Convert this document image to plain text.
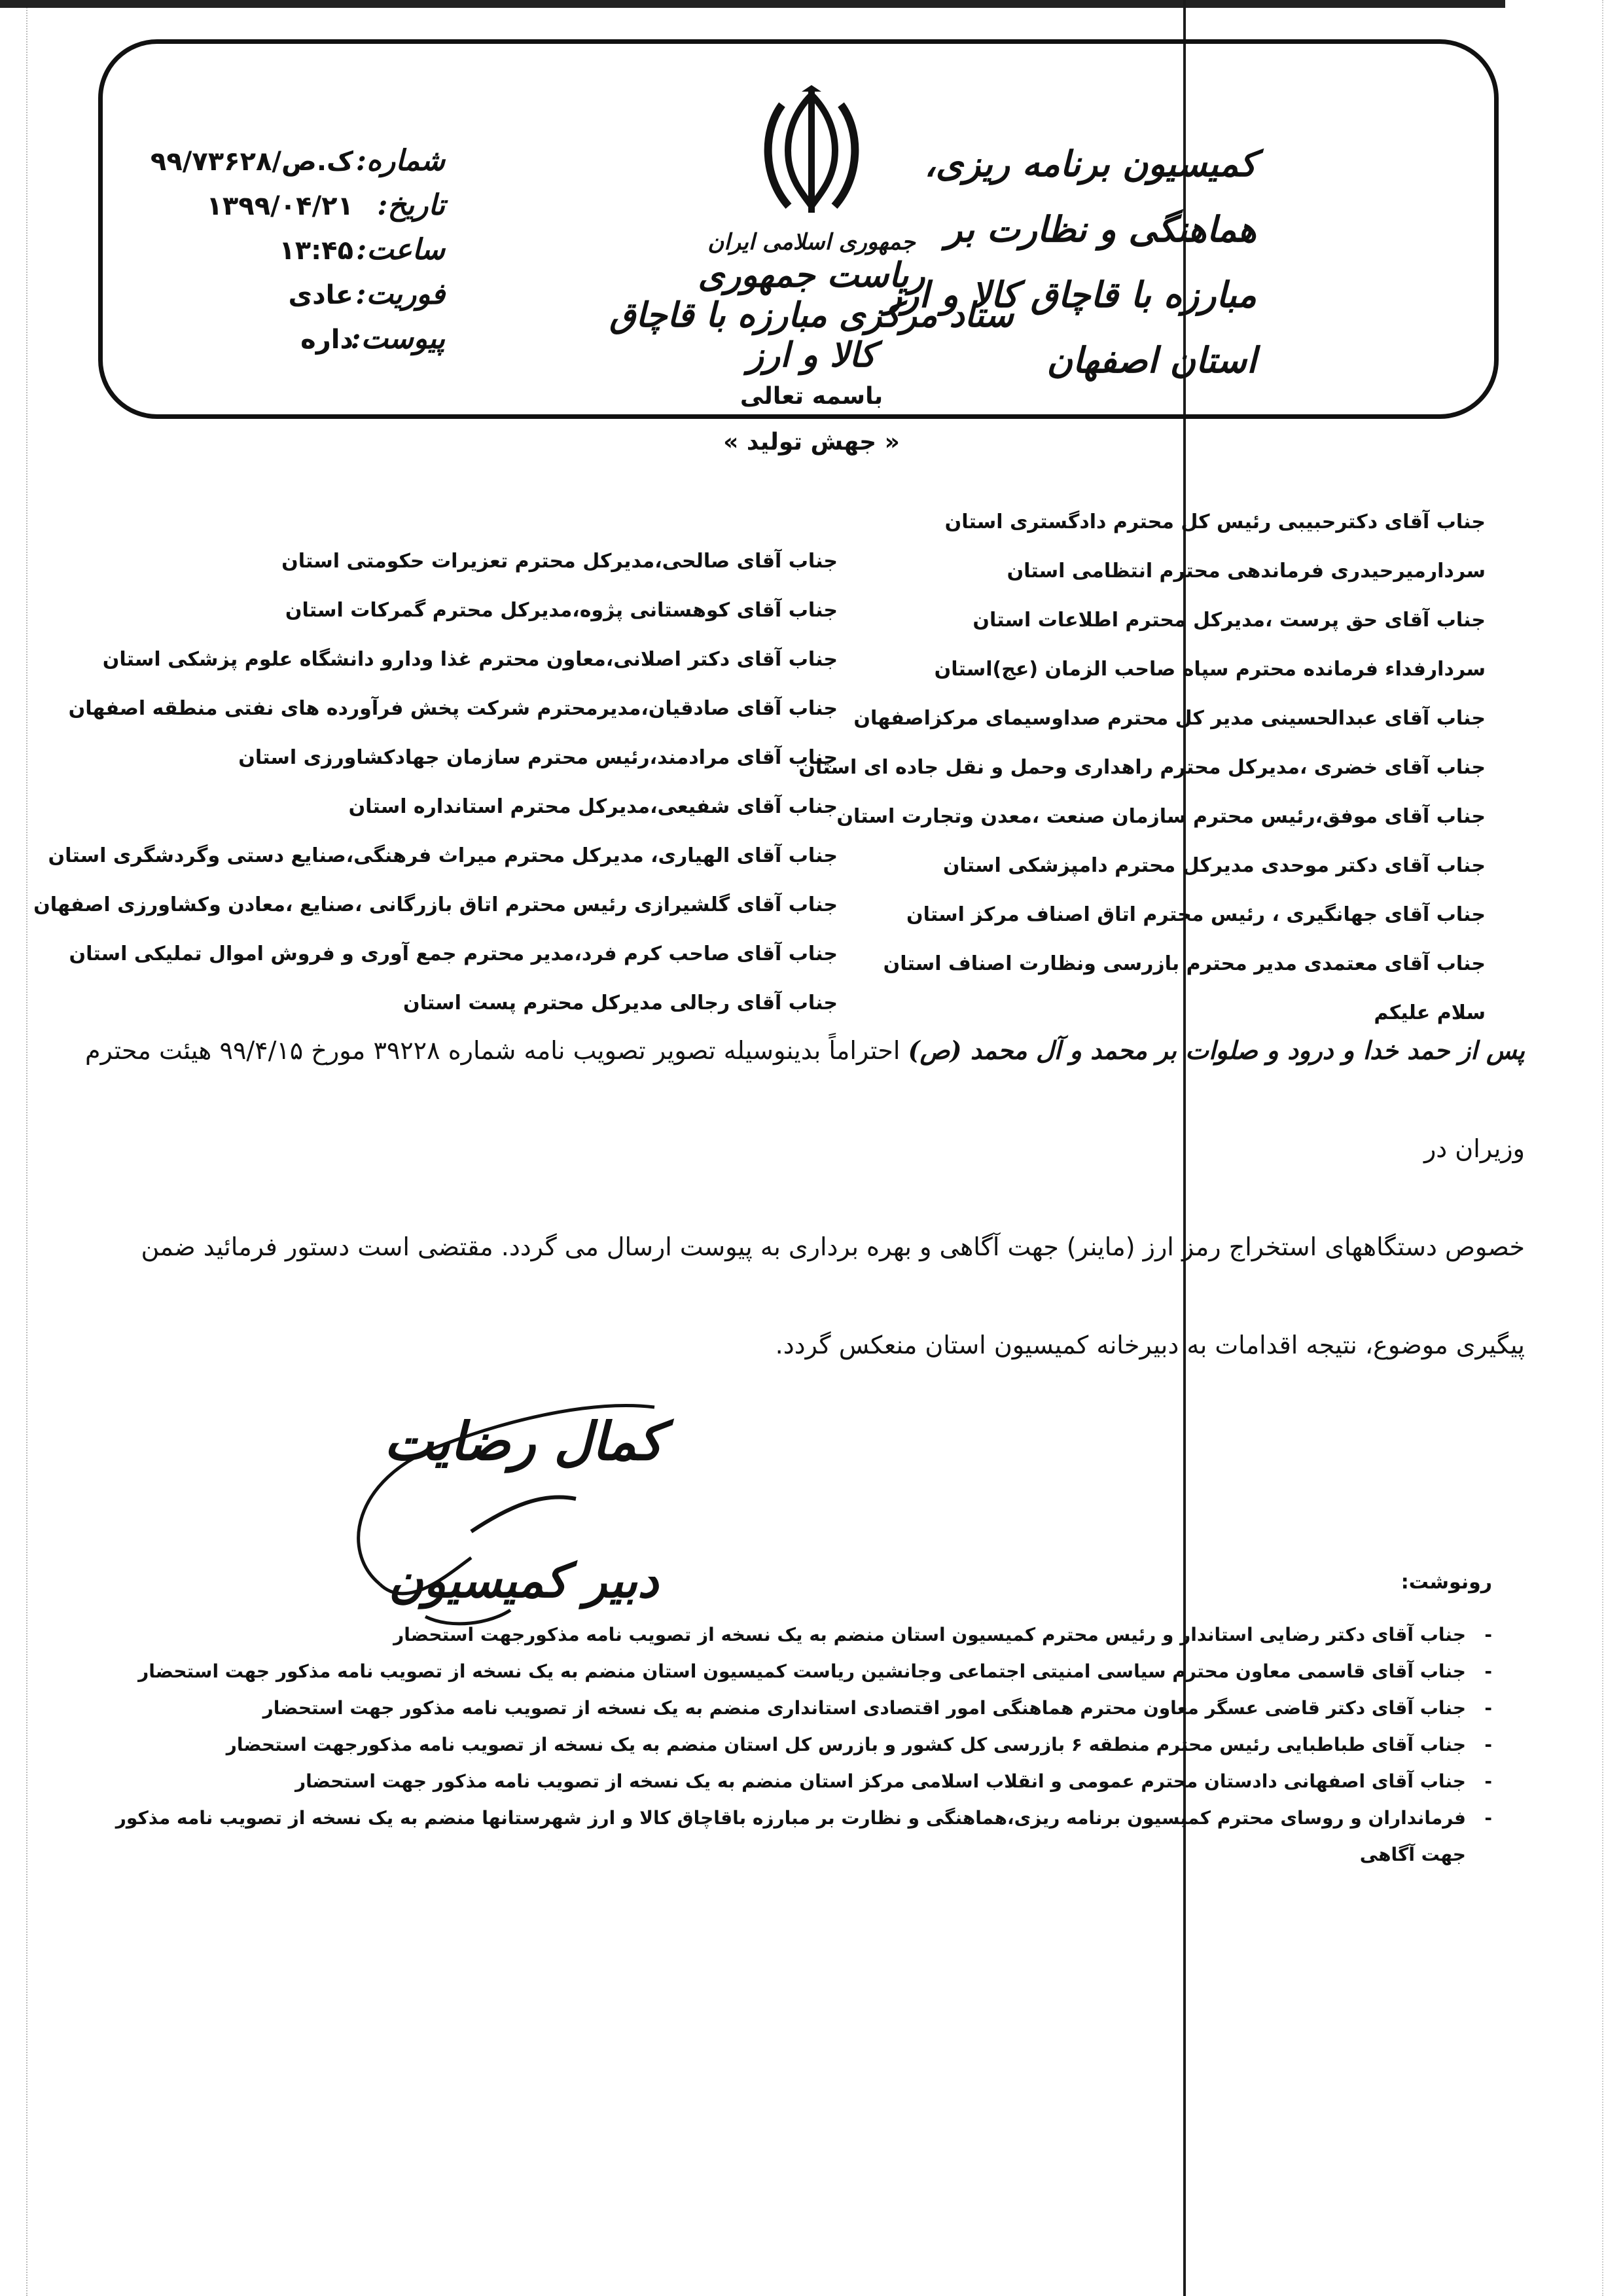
کمیسیون برنامه ریزی، هماهنگی و نظارت بر
مبارزه با قاچاق کالا و ارز استان اصفهان
جمهوری اسلامی ایران
ریاست جمهوری
ستاد مرکزی مبارزه با قاچاق کالا و ارز
شماره:
۹۹/۷۳۶۲۸/ک.ص
تاریخ:
۱۳۹۹/۰۴/۲۱
ساعت:
۱۳:۴۵
فوریت:
عادی
پیوست:
داره
باسمه تعالی
« جهش تولید »
جناب آقای دکترحبیبی رئیس کل محترم دادگستری استان
سردارمیرحیدری فرماندهی محترم انتظامی استان
جناب آقای حق پرست ،مدیرکل محترم اطلاعات استان
سردارفداء فرمانده محترم سپاه صاحب الزمان (عج)استان
جناب آقای عبدالحسینی مدیر کل محترم صداوسیمای مرکزاصفهان
جناب آقای خضری ،مدیرکل محترم راهداری وحمل و نقل جاده ای استان
جناب آقای موفق،رئیس محترم سازمان صنعت ،معدن وتجارت استان
جناب آقای دکتر موحدی مدیرکل محترم دامپزشکی استان
جناب آقای جهانگیری ، رئیس محترم اتاق اصناف مرکز استان
جناب آقای معتمدی مدیر محترم بازرسی ونظارت اصناف استان
سلام علیکم
جناب آقای صالحی،مدیرکل محترم تعزیرات حکومتی استان
جناب آقای کوهستانی پژوه،مدیرکل محترم گمرکات استان
جناب آقای دکتر اصلانی،معاون محترم غذا ودارو دانشگاه علوم پزشکی استان
جناب آقای صادقیان،مدیرمحترم شرکت پخش فرآورده های نفتی منطقه اصفهان
جناب آقای مرادمند،رئیس محترم سازمان جهادکشاورزی استان
جناب آقای شفیعی،مدیرکل محترم استانداره استان
جناب آقای الهیاری، مدیرکل محترم میراث فرهنگی،صنایع دستی وگردشگری استان
جناب آقای گلشیرازی رئیس محترم اتاق بازرگانی ،صنایع ،معادن وکشاورزی اصفهان
جناب آقای صاحب کرم فرد،مدیر محترم جمع آوری و فروش اموال تملیکی استان
جناب آقای رجالی مدیرکل محترم پست استان
پس از حمد خدا و درود و صلوات بر محمد و آل محمد (ص) احتراماً بدینوسیله تصویر تصویب نامه شماره ۳۹۲۲۸ مورخ ۹۹/۴/۱۵ هیئت محترم وزیران در
خصوص دستگاههای استخراج رمز ارز (ماینر) جهت آگاهی و بهره برداری به پیوست ارسال می گردد. مقتضی است دستور فرمائید ضمن
پیگیری موضوع، نتیجه اقدامات به دبیرخانه کمیسیون استان منعکس گردد.
کمال رضایت
دبیر کمیسیون	رونوشت:
-
جناب آقای دکتر رضایی استاندار و رئیس محترم کمیسیون استان منضم به یک نسخه از تصویب نامه مذکورجهت استحضار
-
جناب آقای قاسمی معاون محترم سیاسی امنیتی اجتماعی وجانشین ریاست کمیسیون استان منضم به یک نسخه از تصویب نامه مذکور جهت استحضار
-
جناب آقای دکتر قاضی عسگر معاون محترم هماهنگی امور اقتصادی استانداری منضم به یک نسخه از تصویب نامه مذکور جهت استحضار
-
جناب آقای طباطبایی رئیس محترم منطقه ۶ بازرسی کل کشور و بازرس کل استان منضم به یک نسخه از تصویب نامه مذکورجهت استحضار
-
جناب آقای اصفهانی دادستان محترم عمومی و انقلاب اسلامی مرکز استان منضم به یک نسخه از تصویب نامه مذکور جهت استحضار
-
فرمانداران و روسای محترم کمیسیون برنامه ریزی،هماهنگی و نظارت بر مبارزه باقاچاق کالا و ارز شهرستانها منضم به یک نسخه از تصویب نامه مذکور
جهت آگاهی
